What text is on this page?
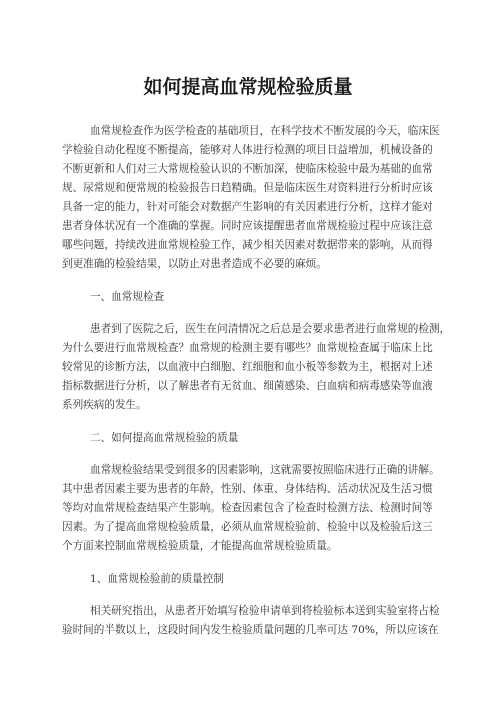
如何提高血常规检验质量
血常规检查作为医学检查的基础项目，在科学技术不断发展的今天，临床医
学检验自动化程度不断提高，能够对人体进行检测的项目日益增加，机械设备的
不断更新和人们对三大常规检验认识的不断加深，使临床检验中最为基础的血常
规、尿常规和便常规的检验报告日趋精确。但是临床医生对资料进行分析时应该
具备一定的能力，针对可能会对数据产生影响的有关因素进行分析，这样才能对
患者身体状况有一个准确的掌握。同时应该提醒患者血常规检验过程中应该注意
哪些问题，持续改进血常规检验工作，减少相关因素对数据带来的影响，从而得
到更准确的检验结果，以防止对患者造成不必要的麻烦。
一、血常规检查
患者到了医院之后，医生在问清情况之后总是会要求患者进行血常规的检测，
为什么要进行血常规检查？血常规的检测主要有哪些？血常规检查属于临床上比
较常见的诊断方法，以血液中白细胞、红细胞和血小板等参数为主，根据对上述
指标数据进行分析，以了解患者有无贫血、细菌感染、白血病和病毒感染等血液
系列疾病的发生。
二、如何提高血常规检验的质量
血常规检验结果受到很多的因素影响，这就需要按照临床进行正确的讲解。
其中患者因素主要为患者的年龄，性别、体重、身体结构、活动状况及生活习惯
等均对血常规检查结果产生影响。检查因素包含了检查时检测方法、检测时间等
因素。为了提高血常规检验质量，必须从血常规检验前、检验中以及检验后这三
个方面来控制血常规检验质量，才能提高血常规检验质量。
1、血常规检验前的质量控制
相关研究指出，从患者开始填写检验申请单到将检验标本送到实验室将占检
验时间的半数以上，这段时间内发生检验质量问题的几率可达 70%，所以应该在
